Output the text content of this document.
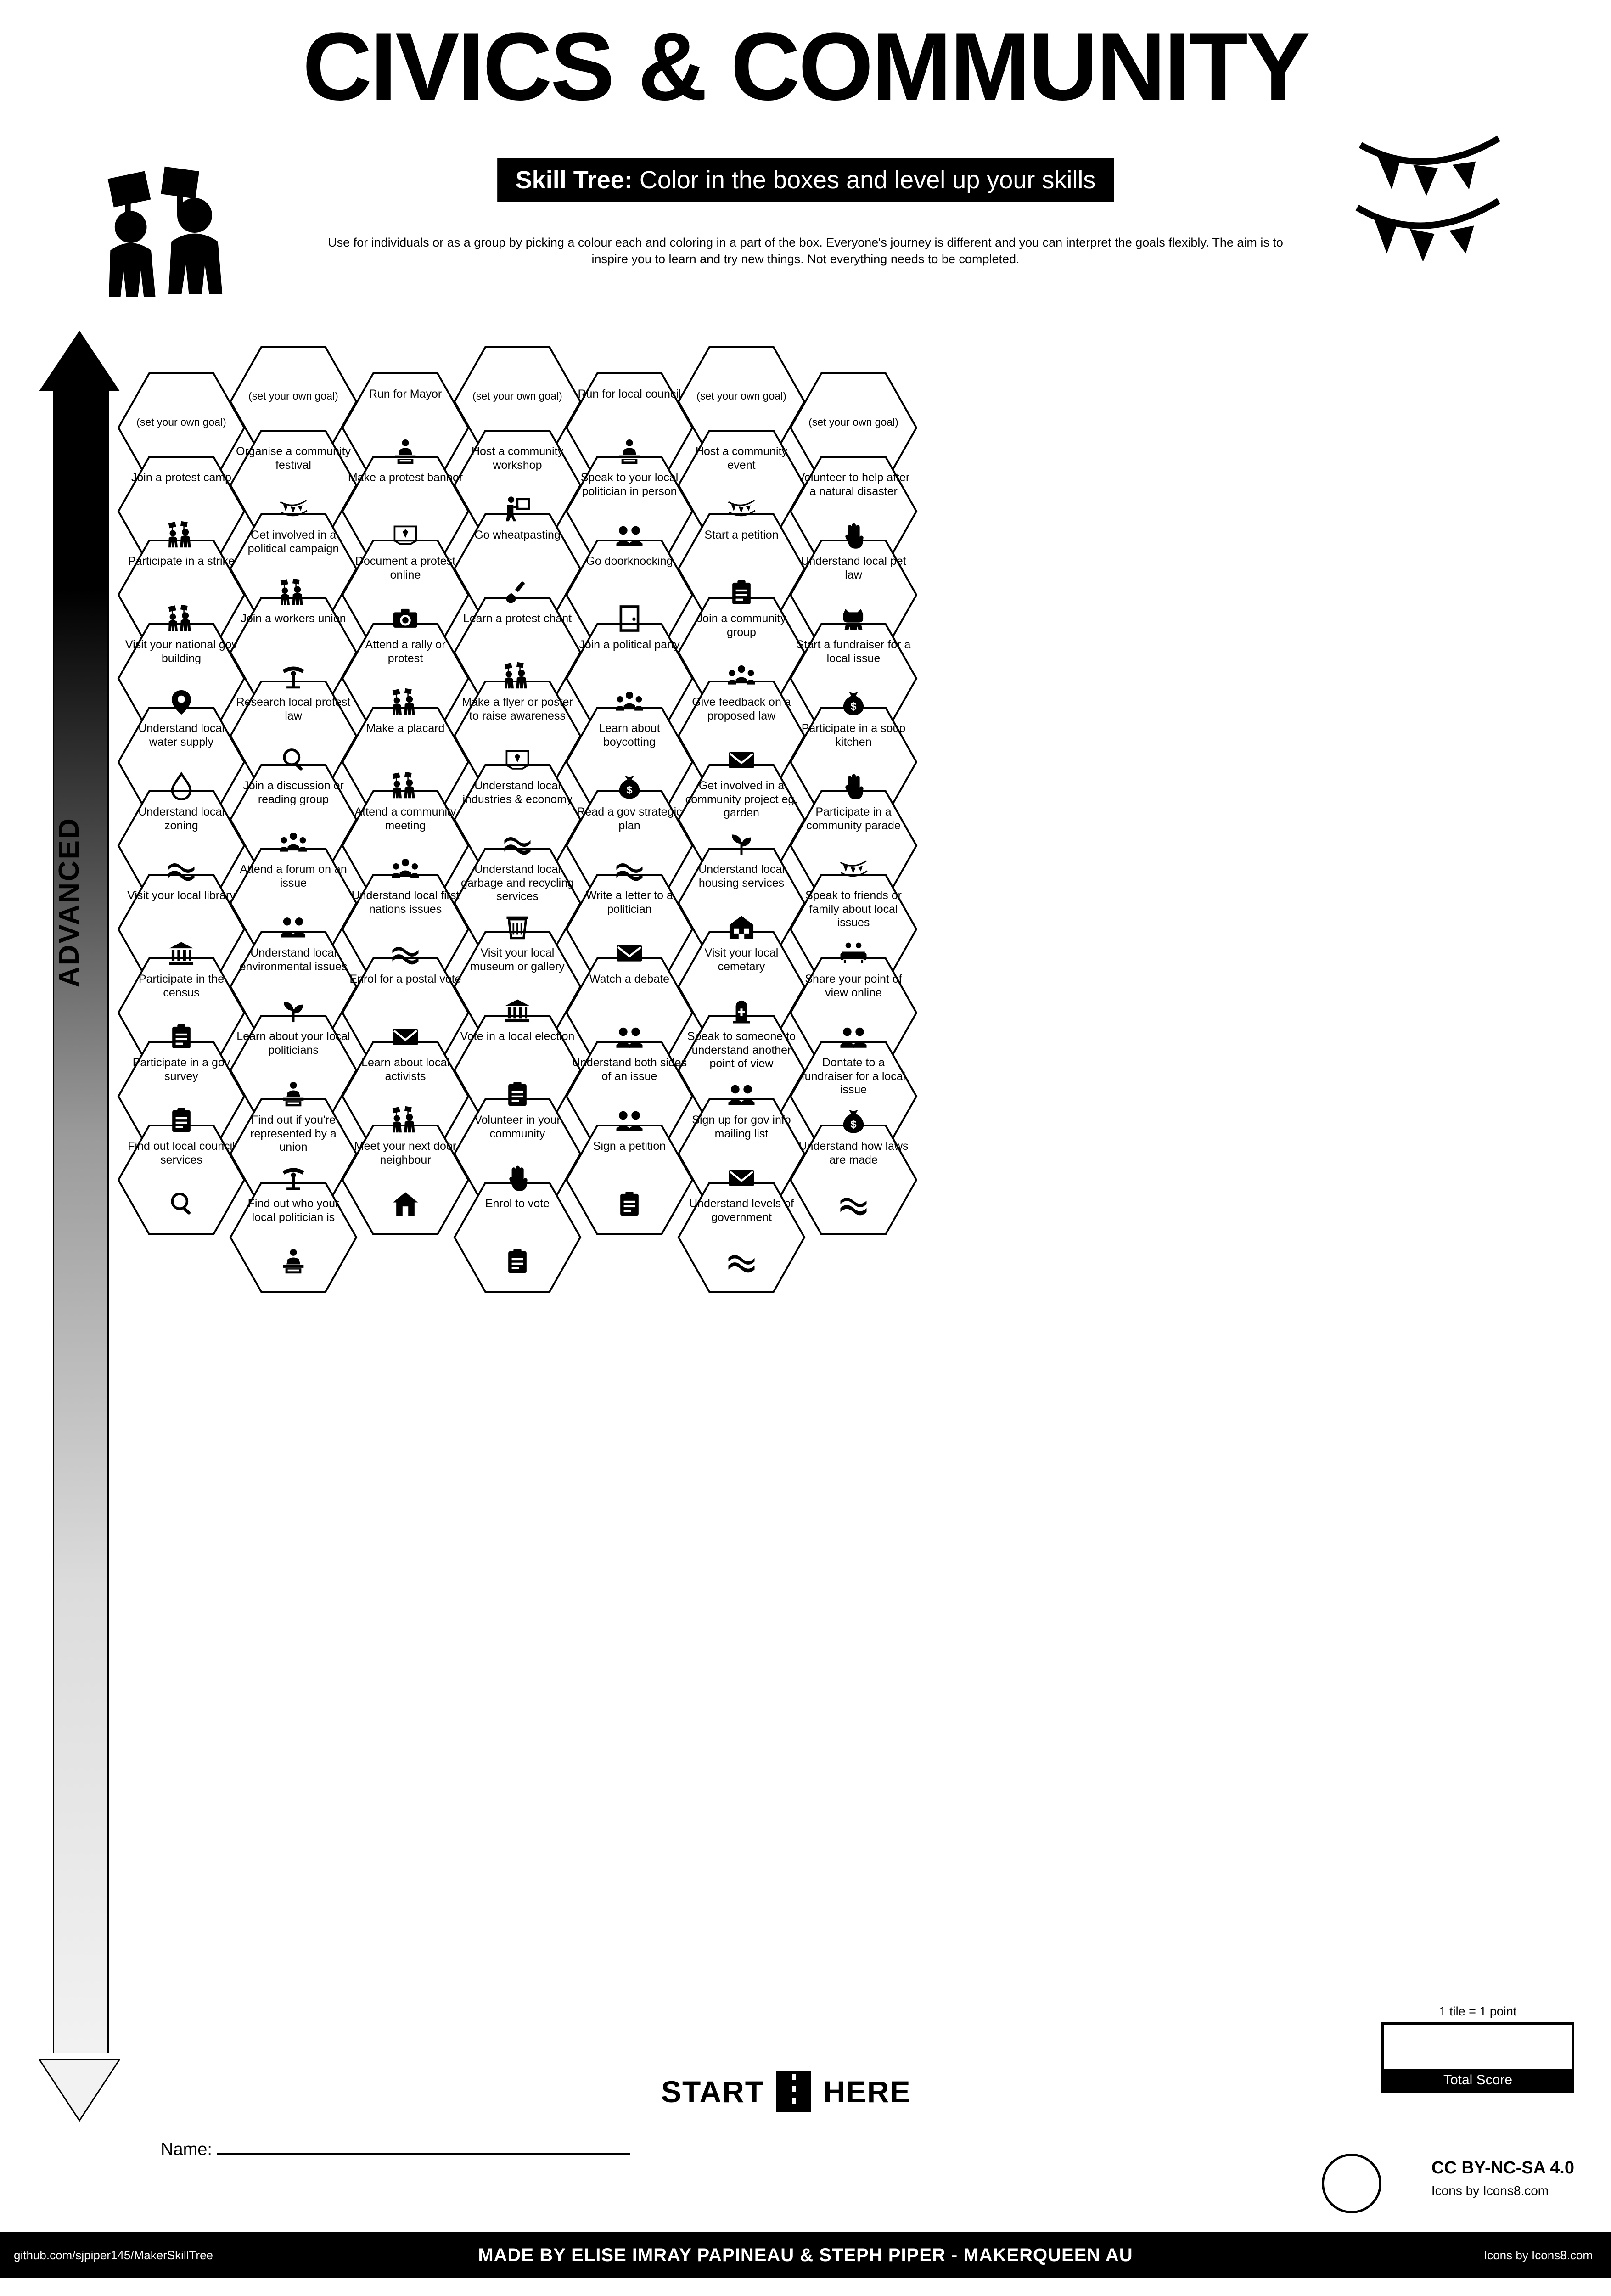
CIVICS & COMMUNITY
Skill Tree: Color in the boxes and level up your skills
Use for individuals or as a group by picking a colour each and coloring in a part of the box. Everyone's journey is different and you can interpret the goals flexibly. The aim is to inspire you to learn and try new things. Not everything needs to be completed.
ADVANCED
(set your own goal)
Join a protest camp
Participate in a strike
Visit your national gov building
Understand local water supply
Understand local zoning
Visit your local library
Participate in the census
Participate in a gov survey
Find out local council services
(set your own goal)
Organise a community festival
Get involved in a political campaign
Join a workers union
Research local protest law
Join a discussion or reading group
Attend a forum on an issue
Understand local environmental issues
Learn about your local politicians
Find out if you're represented by a union
Find out who your local politician is
Run for Mayor
Make a protest banner
Document a protest online
Attend a rally or protest
Make a placard
Attend a community meeting
Understand local first nations issues
Enrol for a postal vote
Learn about local activists
Meet your next door neighbour
(set your own goal)
Host a community workshop
Go wheatpasting
Learn a protest chant
Make a flyer or poster to raise awareness
Understand local industries & economy
Understand local garbage and recycling services
Visit your local museum or gallery
Vote in a local election
Volunteer in your community
Enrol to vote
Run for local council
Speak to your local politician in person
Go doorknocking
Join a political party
Learn about boycotting
$
Read a gov strategic plan
Write a letter to a politician
Watch a debate
Understand both sides of an issue
Sign a petition
(set your own goal)
Host a community event
Start a petition
Join a community group
Give feedback on a proposed law
Get involved in a community project eg. garden
Understand local housing services
Visit your local cemetary
Speak to someone to understand another point of view
Sign up for gov info mailing list
Understand levels of government
(set your own goal)
Volunteer to help after a natural disaster
Understand local pet law
Start a fundraiser for a local issue
$
Participate in a soup kitchen
Participate in a community parade
Speak to friends or family about local issues
Share your point of view online
Dontate to a fundraiser for a local issue
$
Understand how laws are made
START HERE
1 tile = 1 point
Total Score
Name:
CC BY-NC-SA 4.0
Icons by Icons8.com
github.com/sjpiper145/MakerSkillTree	MADE BY ELISE IMRAY PAPINEAU & STEPH PIPER - MAKERQUEEN AU	Icons by Icons8.com
